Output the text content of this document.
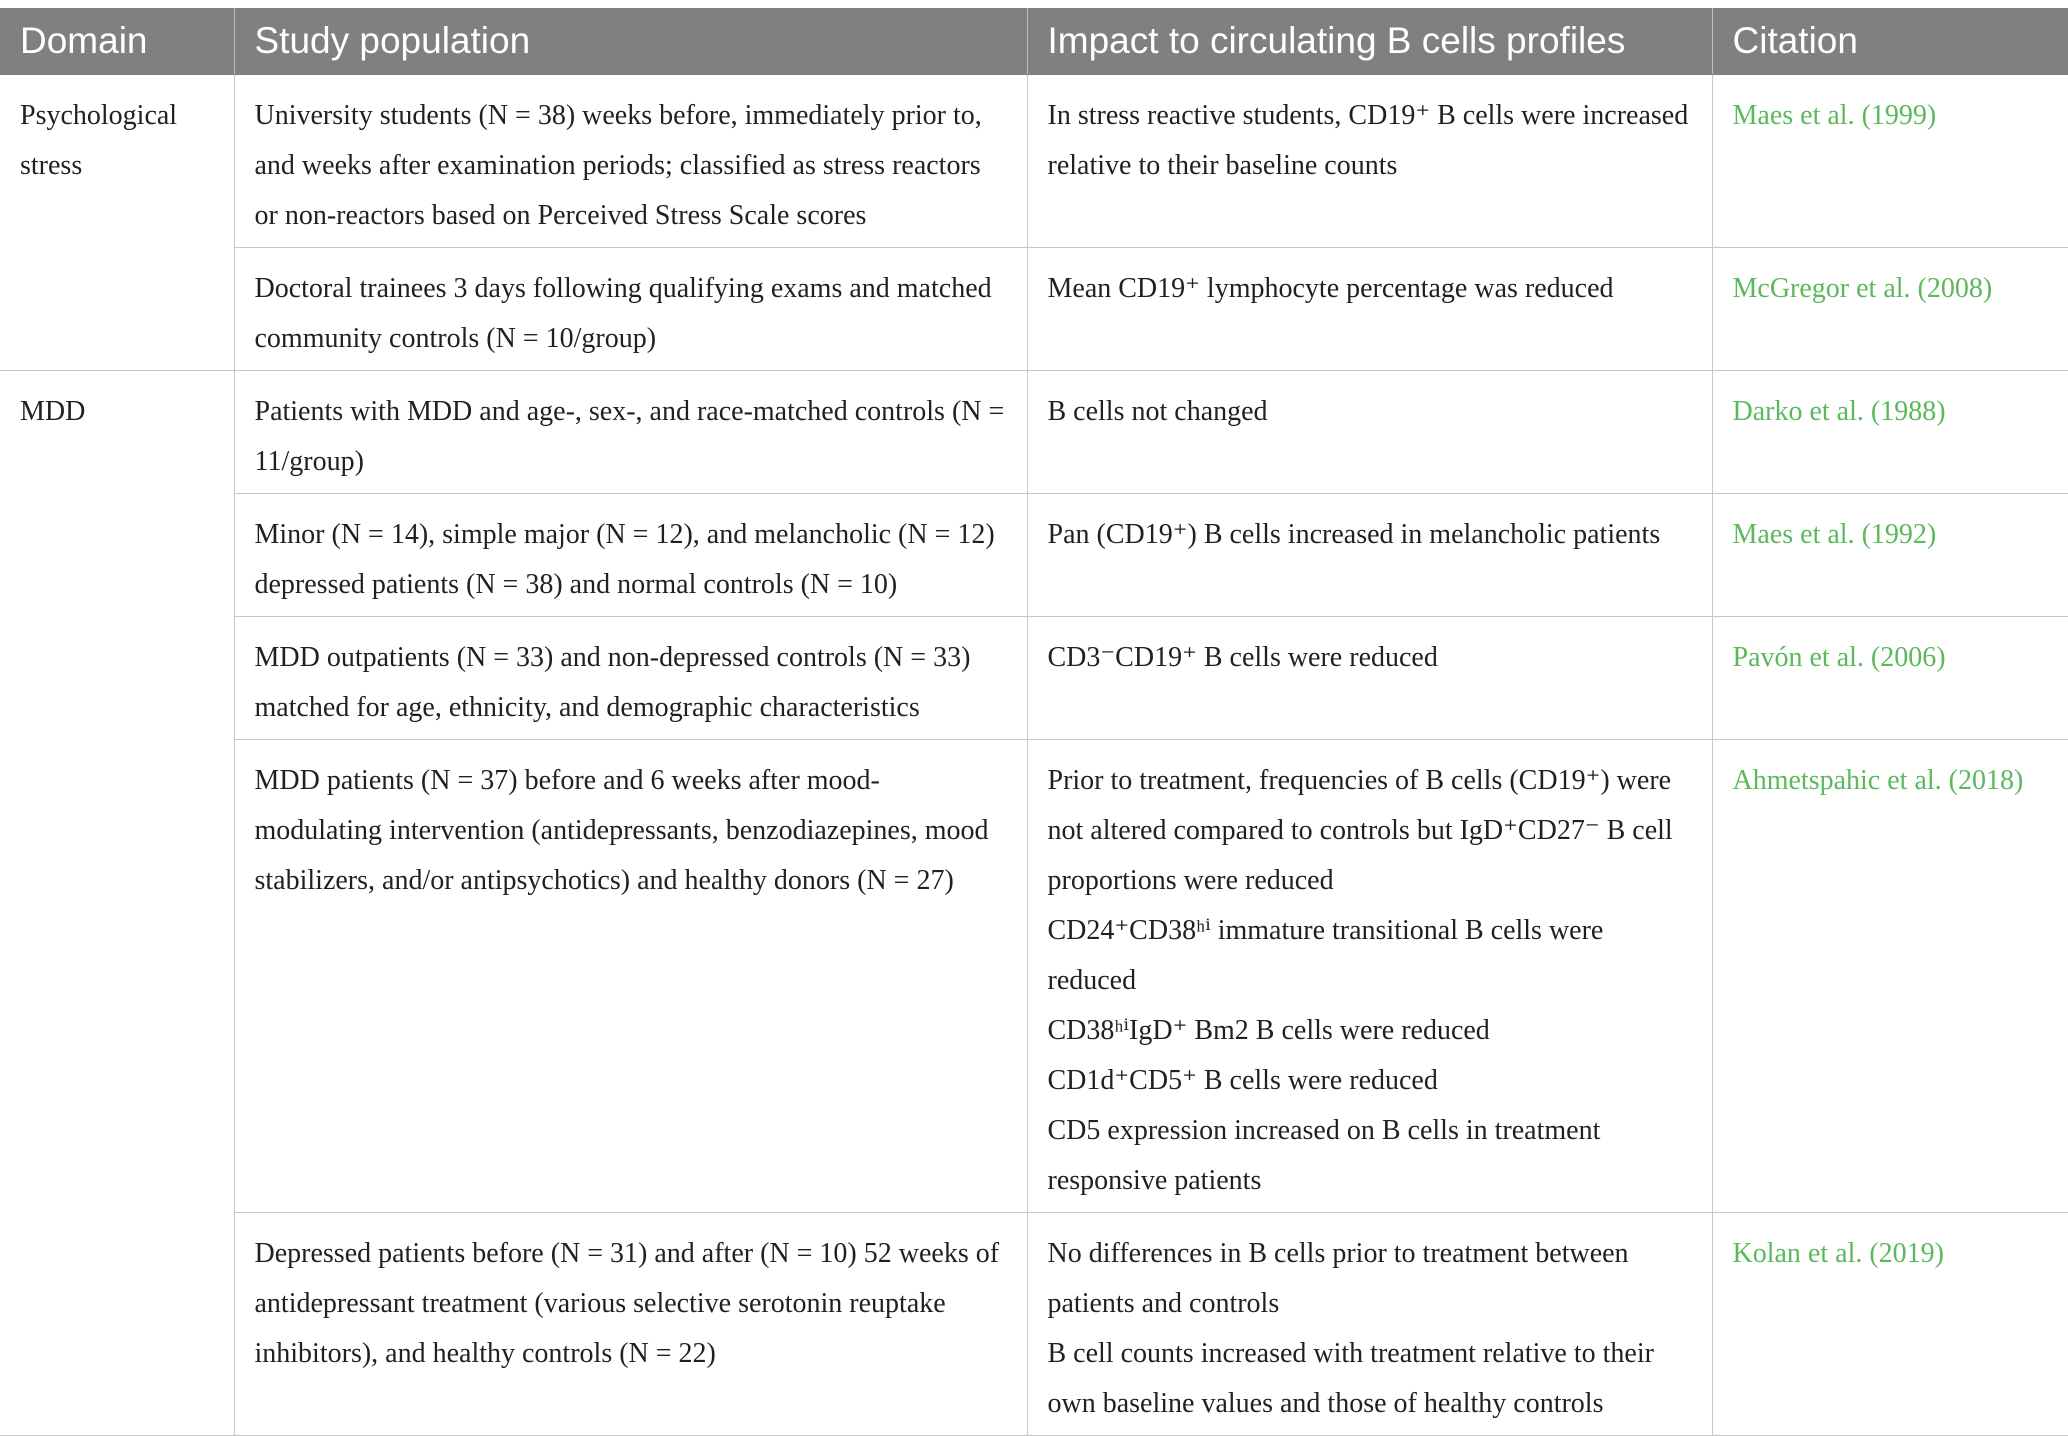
Domain	Study population	Impact to circulating B cells profiles	Citation
Psychological
stress	University students (N = 38) weeks before, immediately prior to, and weeks after examination periods; classified as stress reactors or non-reactors based on Perceived Stress Scale scores	In stress reactive students, CD19⁺ B cells were increased relative to their baseline counts	Maes et al. (1999)
	Doctoral trainees 3 days following qualifying exams and matched community controls (N = 10/group)	Mean CD19⁺ lymphocyte percentage was reduced	McGregor et al. (2008)
MDD	Patients with MDD and age-, sex-, and race-matched controls (N = 11/group)	B cells not changed	Darko et al. (1988)
	Minor (N = 14), simple major (N = 12), and melancholic (N = 12) depressed patients (N = 38) and normal controls (N = 10)	Pan (CD19⁺) B cells increased in melancholic patients	Maes et al. (1992)
	MDD outpatients (N = 33) and non-depressed controls (N = 33) matched for age, ethnicity, and demographic characteristics	CD3⁻CD19⁺ B cells were reduced	Pavón et al. (2006)
	MDD patients (N = 37) before and 6 weeks after mood-modulating intervention (antidepressants, benzodiazepines, mood stabilizers, and/or antipsychotics) and healthy donors (N = 27)	Prior to treatment, frequencies of B cells (CD19⁺) were not altered compared to controls but IgD⁺CD27⁻ B cell proportions were reduced
CD24⁺CD38ʰⁱ immature transitional B cells were reduced
CD38ʰⁱIgD⁺ Bm2 B cells were reduced
CD1d⁺CD5⁺ B cells were reduced
CD5 expression increased on B cells in treatment responsive patients	Ahmetspahic et al. (2018)
	Depressed patients before (N = 31) and after (N = 10) 52 weeks of antidepressant treatment (various selective serotonin reuptake inhibitors), and healthy controls (N = 22)	No differences in B cells prior to treatment between patients and controls
B cell counts increased with treatment relative to their own baseline values and those of healthy controls	Kolan et al. (2019)
